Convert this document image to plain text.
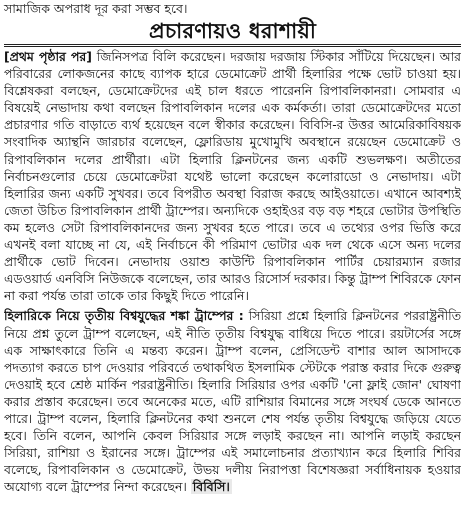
সামাজিক অপরাধ দূর করা সম্ভব হবে।
প্রচারণায়ও ধরাশায়ী

[প্রথম পৃষ্ঠার পর] জিনিসপত্র বিলি করেছেন। দরজায় দরজায় স্টিকার সাঁটিয়ে দিয়েছেন। আর পরিবারের লোকজনের কাছে ব্যাপক হারে ডেমোক্রেট প্রার্থী হিলারির পক্ষে ভোট চাওয়া হয়। বিশ্লেষকরা বলছেন, ডেমোক্রেটদের এই চাল ধরতে পারেননি রিপাবলিকানরা। সোমবার এ বিষয়েই নেভাদায় কথা বলছেন রিপাবলিকান দলের এক কর্মকর্তা। তারা ডেমোক্রেটদের মতো প্রচারণার গতি বাড়াতে ব্যর্থ হয়েছেন বলে স্বীকার করেছেন। বিবিসি-র উত্তর আমেরিকাবিষয়ক সংবাদিক অ্যান্থনি জারচার বলেছেন, ফ্লোরিডায় মুখোমুখি অবস্থানে রয়েছেন ডেমোক্রেট ও রিপাবলিকান দলের প্রার্থীরা। এটা হিলারি ক্লিনটনের জন্য একটি শুভলক্ষণ। অতীতের নির্বাচনগুলোর চেয়ে ডেমোক্রেটরা যথেষ্ট ভালো করেছেন কলোরাডো ও নেভাদায়। এটা হিলারির জন্য একটি সুখবর। তবে বিপরীত অবস্থা বিরাজ করছে আইওয়াতে। এখানে আবশ্যই জেতা উচিত রিপাবলিকান প্রার্থী ট্রাম্পের। অন্যদিকে ওহাইওর বড় বড় শহরে ভোটার উপস্থিতি কম হলেও সেটা রিপাবলিকানদের জন্য সুখবর হতে পারে। তবে এ তথ্যের ওপর ভিত্তি করে এখনই বলা যাচ্ছে না যে, এই নির্বাচনে কী পরিমাণ ভোটার এক দল থেকে এসে অন্য দলের প্রার্থীকে ভোট দিবেন। নেভাদায় ওয়াশু কাউন্টি রিপাবলিকান পার্টির চেয়ারম্যান রজার এডওয়ার্ড এনবিসি নিউজকে বলেছেন, তার আরও রিসোর্স দরকার। কিন্তু ট্রাম্প শিবিরকে ফোন না করা পর্যন্ত তারা তাকে তার কিছুই দিতে পারেনি।

হিলারিকে নিয়ে তৃতীয় বিশ্বযুদ্ধের শঙ্কা ট্রাম্পের : সিরিয়া প্রশ্নে হিলারি ক্লিনটনের পররাষ্ট্রনীতি নিয়ে প্রশ্ন তুলে ট্রাম্প বলেছেন, এই নীতি তৃতীয় বিশ্বযুদ্ধ বাধিয়ে দিতে পারে। রয়টার্সের সঙ্গে এক সাক্ষাৎকারে তিনি এ মন্তব্য করেন। ট্রাম্প বলেন, প্রেসিডেন্ট বাশার আল আসাদকে পদত্যাগ করতে চাপ দেওয়ার পরিবর্তে তথাকথিত ইসলামিক স্টেটকে পরাস্ত করার দিকে গুরুত্ব দেওয়াই হবে শ্রেষ্ঠ মার্কিন পররাষ্ট্রনীতি। হিলারি সিরিয়ার ওপর একটি 'নো ফ্লাই জোন' ঘোষণা করার প্রস্তাব করেছেন। তবে অনেকের মতে, এটি রাশিয়ার বিমানের সঙ্গে সংঘর্ষ ডেকে আনতে পারে। ট্রাম্প বলেন, হিলারি ক্লিনটনের কথা শুনলে শেষ পর্যন্ত তৃতীয় বিশ্বযুদ্ধে জড়িয়ে যেতে হবে। তিনি বলেন, আপনি কেবল সিরিয়ার সঙ্গে লড়াই করছেন না। আপনি লড়াই করছেন সিরিয়া, রাশিয়া ও ইরানের সঙ্গে। ট্রাম্পের এই সমালোচনার প্রত্যাখ্যান করে হিলারি শিবির বলেছে, রিপাবলিকান ও ডেমোক্রেট, উভয় দলীয় নিরাপত্তা বিশেষজ্ঞরা সর্বাধিনায়ক হওয়ার অযোগ্য বলে ট্রাম্পের নিন্দা করেছেন। বিবিসি।
